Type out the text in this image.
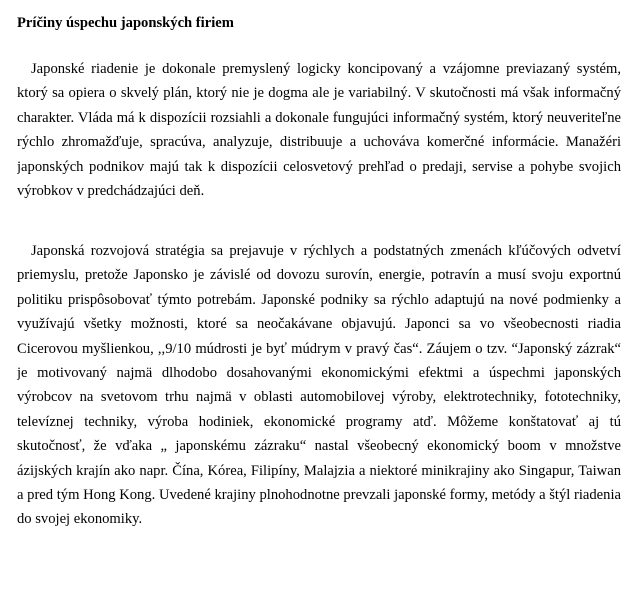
Príčiny úspechu japonských firiem

Japonské riadenie je dokonale premyslený logicky koncipovaný a vzájomne previazaný systém, ktorý sa opiera o skvelý plán, ktorý nie je dogma ale je variabilný. V skutočnosti má však informačný charakter. Vláda má k dispozícii rozsiahli a dokonale fungujúci informačný systém, ktorý neuveriteľne rýchlo zhromažďuje, spracúva, analyzuje, distribuuje a uchováva komerčné informácie. Manažéri japonských podnikov majú tak k dispozícii celosvetový prehľad o predaji, servise a pohybe svojich výrobkov v predchádzajúci deň.

Japonská rozvojová stratégia sa prejavuje v rýchlych a podstatných zmenách kľúčových odvetví priemyslu, pretože Japonsko je závislé od dovozu surovín, energie, potravín a musí svoju exportnú politiku prispôsobovať týmto potrebám. Japonské podniky sa rýchlo adaptujú na nové podmienky a využívajú všetky možnosti, ktoré sa neočakávane objavujú. Japonci sa vo všeobecnosti riadia Cicerovou myšlienkou, ,,9/10 múdrosti je byť múdrym v pravý čas“. Záujem o tzv. “Japonský zázrak“ je motivovaný najmä dlhodobo dosahovanými ekonomickými efektmi a úspechmi japonských výrobcov na svetovom trhu najmä v oblasti automobilovej výroby, elektrotechniky, fototechniky, televíznej techniky, výroba hodiniek, ekonomické programy atď. Môžeme konštatovať aj tú skutočnosť, že vďaka „ japonskému zázraku“ nastal všeobecný ekonomický boom v množstve ázijských krajín ako napr. Čína, Kórea, Filipíny, Malajzia a niektoré minikrajiny ako Singapur, Taiwan a pred tým Hong Kong. Uvedené krajiny plnohodnotne prevzali japonské formy, metódy a štýl riadenia do svojej ekonomiky.
